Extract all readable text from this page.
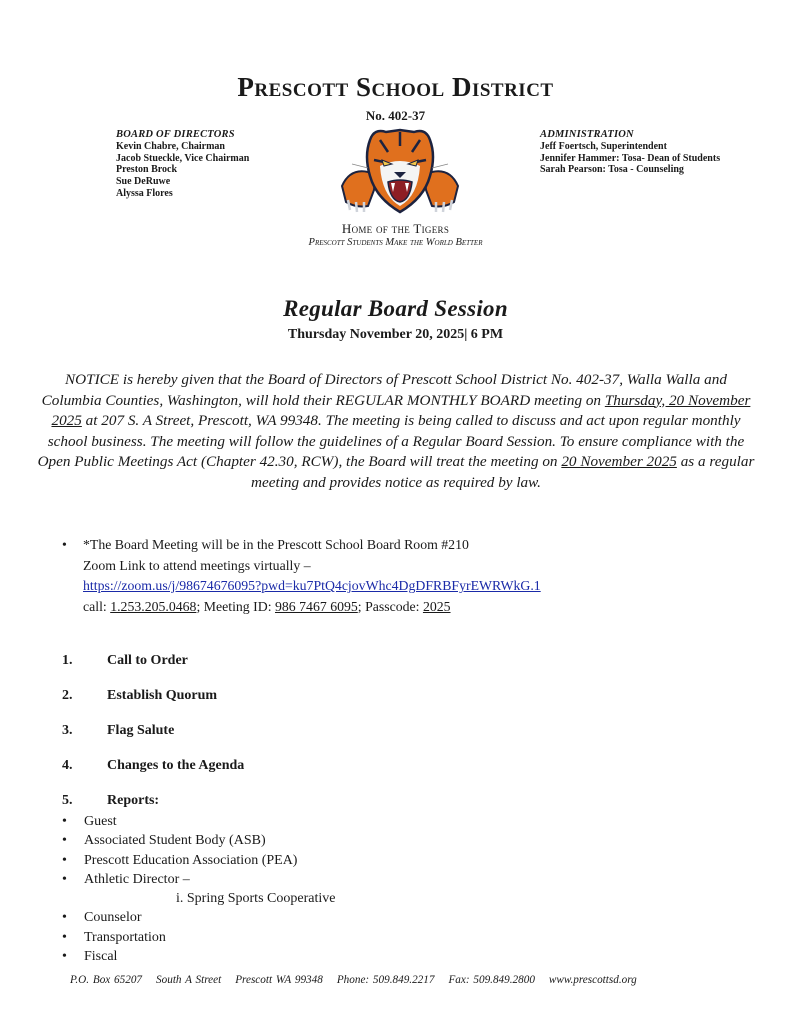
Prescott School District
No. 402-37
BOARD OF DIRECTORS
Kevin Chabre, Chairman
Jacob Stueckle, Vice Chairman
Preston Brock
Sue DeRuwe
Alyssa Flores
ADMINISTRATION
Jeff Foertsch, Superintendent
Jennifer Hammer: Tosa- Dean of Students
Sarah Pearson: Tosa - Counseling
Home of the Tigers
Prescott Students Make the World Better
Regular Board Session
Thursday November 20, 2025| 6 PM
NOTICE is hereby given that the Board of Directors of Prescott School District No. 402-37, Walla Walla and Columbia Counties, Washington, will hold their REGULAR MONTHLY BOARD meeting on Thursday, 20 November 2025 at 207 S. A Street, Prescott, WA 99348. The meeting is being called to discuss and act upon regular monthly school business. The meeting will follow the guidelines of a Regular Board Session. To ensure compliance with the Open Public Meetings Act (Chapter 42.30, RCW), the Board will treat the meeting on 20 November 2025 as a regular meeting and provides notice as required by law.
• *The Board Meeting will be in the Prescott School Board Room #210
Zoom Link to attend meetings virtually –
https://zoom.us/j/98674676095?pwd=ku7PtQ4cjovWhc4DgDFRBFyrEWRWkG.1
call: 1.253.205.0468; Meeting ID: 986 7467 6095; Passcode: 2025
1. Call to Order
2. Establish Quorum
3. Flag Salute
4. Changes to the Agenda
5. Reports:
• Guest
• Associated Student Body (ASB)
• Prescott Education Association (PEA)
• Athletic Director –
i. Spring Sports Cooperative
• Counselor
• Transportation
• Fiscal
P.O. Box 65207 South A Street Prescott WA 99348 Phone: 509.849.2217 Fax: 509.849.2800 www.prescottsd.org
